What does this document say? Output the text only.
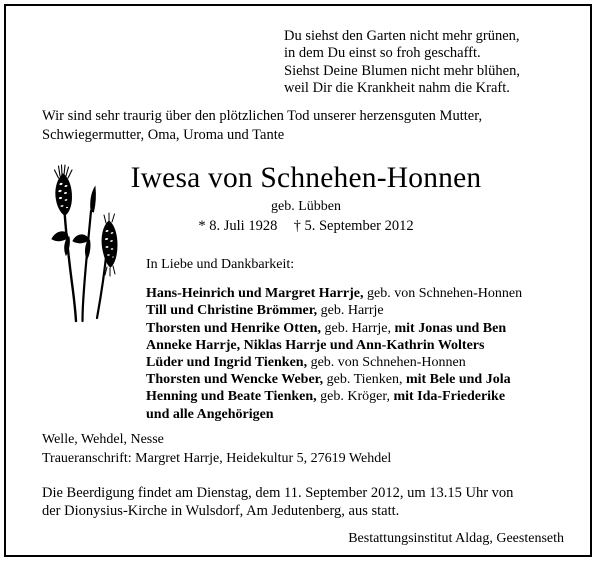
Du siehst den Garten nicht mehr grünen,
in dem Du einst so froh geschafft.
Siehst Deine Blumen nicht mehr blühen,
weil Dir die Krankheit nahm die Kraft.
Wir sind sehr traurig über den plötzlichen Tod unserer herzensguten Mutter,
Schwiegermutter, Oma, Uroma und Tante
Iwesa von Schnehen-Honnen
geb. Lübben
* 8. Juli 1928 † 5. September 2012
In Liebe und Dankbarkeit:
Hans-Heinrich und Margret Harrje, geb. von Schnehen-Honnen
Till und Christine Brömmer, geb. Harrje
Thorsten und Henrike Otten, geb. Harrje, mit Jonas und Ben
Anneke Harrje, Niklas Harrje und Ann-Kathrin Wolters
Lüder und Ingrid Tienken, geb. von Schnehen-Honnen
Thorsten und Wencke Weber, geb. Tienken, mit Bele und Jola
Henning und Beate Tienken, geb. Kröger, mit Ida-Friederike
und alle Angehörigen
Welle, Wehdel, Nesse
Traueranschrift: Margret Harrje, Heidekultur 5, 27619 Wehdel
Die Beerdigung findet am Dienstag, dem 11. September 2012, um 13.15 Uhr von
der Dionysius-Kirche in Wulsdorf, Am Jedutenberg, aus statt.
Bestattungsinstitut Aldag, Geestenseth
